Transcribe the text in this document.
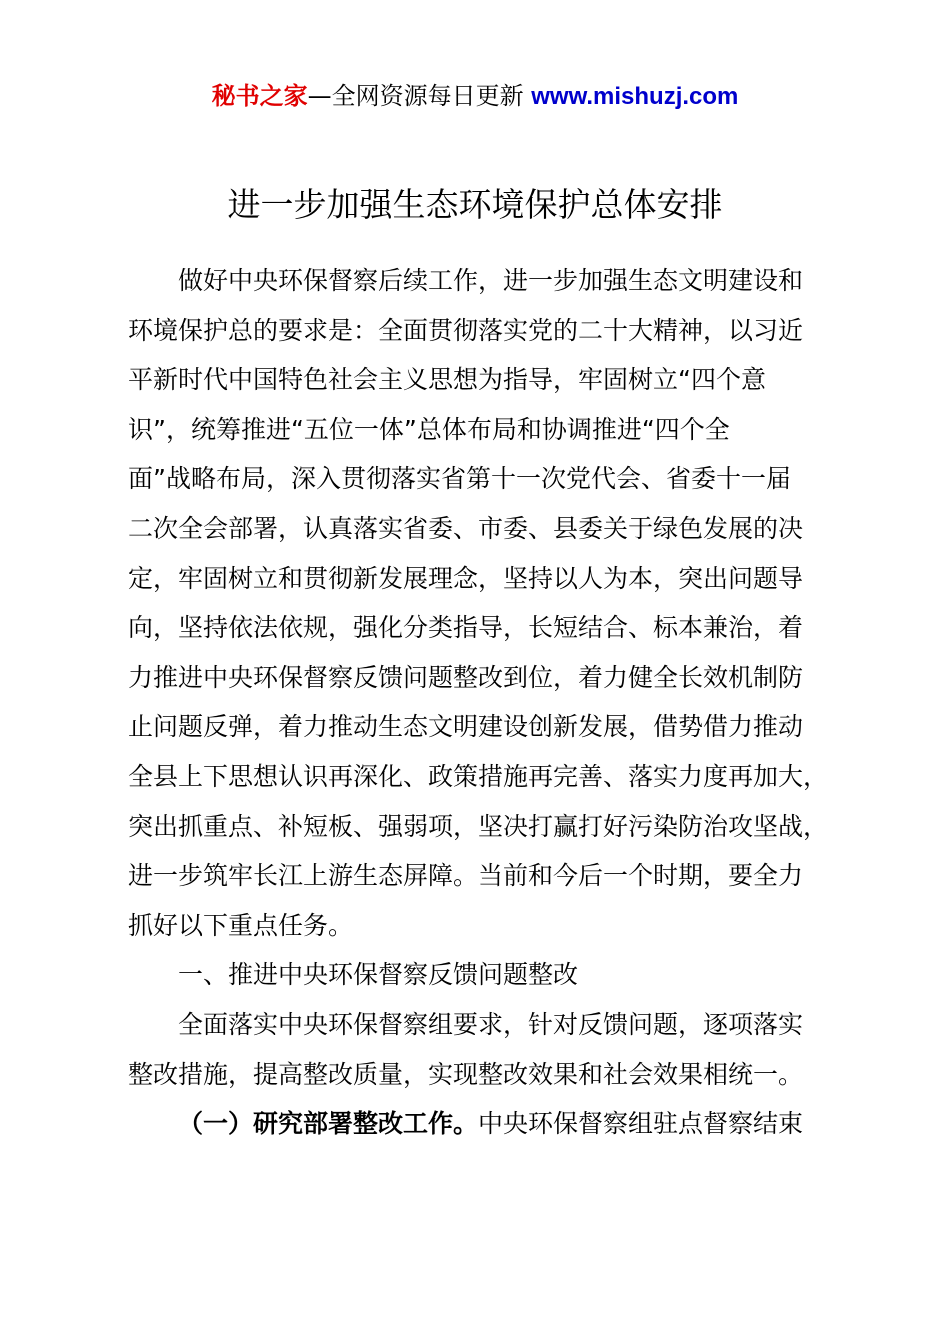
秘书之家—全网资源每日更新 www.mishuzj.com
进一步加强生态环境保护总体安排
做好中央环保督察后续工作，进一步加强生态文明建设和
环境保护总的要求是：全面贯彻落实党的二十大精神，以习近
平新时代中国特色社会主义思想为指导，牢固树立“四个意
识”，统筹推进“五位一体”总体布局和协调推进“四个全
面”战略布局，深入贯彻落实省第十一次党代会、省委十一届
二次全会部署，认真落实省委、市委、县委关于绿色发展的决
定，牢固树立和贯彻新发展理念，坚持以人为本，突出问题导
向，坚持依法依规，强化分类指导，长短结合、标本兼治，着
力推进中央环保督察反馈问题整改到位，着力健全长效机制防
止问题反弹，着力推动生态文明建设创新发展，借势借力推动
全县上下思想认识再深化、政策措施再完善、落实力度再加大，
突出抓重点、补短板、强弱项，坚决打赢打好污染防治攻坚战，
进一步筑牢长江上游生态屏障。当前和今后一个时期，要全力
抓好以下重点任务。
一、推进中央环保督察反馈问题整改
全面落实中央环保督察组要求，针对反馈问题，逐项落实
整改措施，提高整改质量，实现整改效果和社会效果相统一。
（一）研究部署整改工作。中央环保督察组驻点督察结束
